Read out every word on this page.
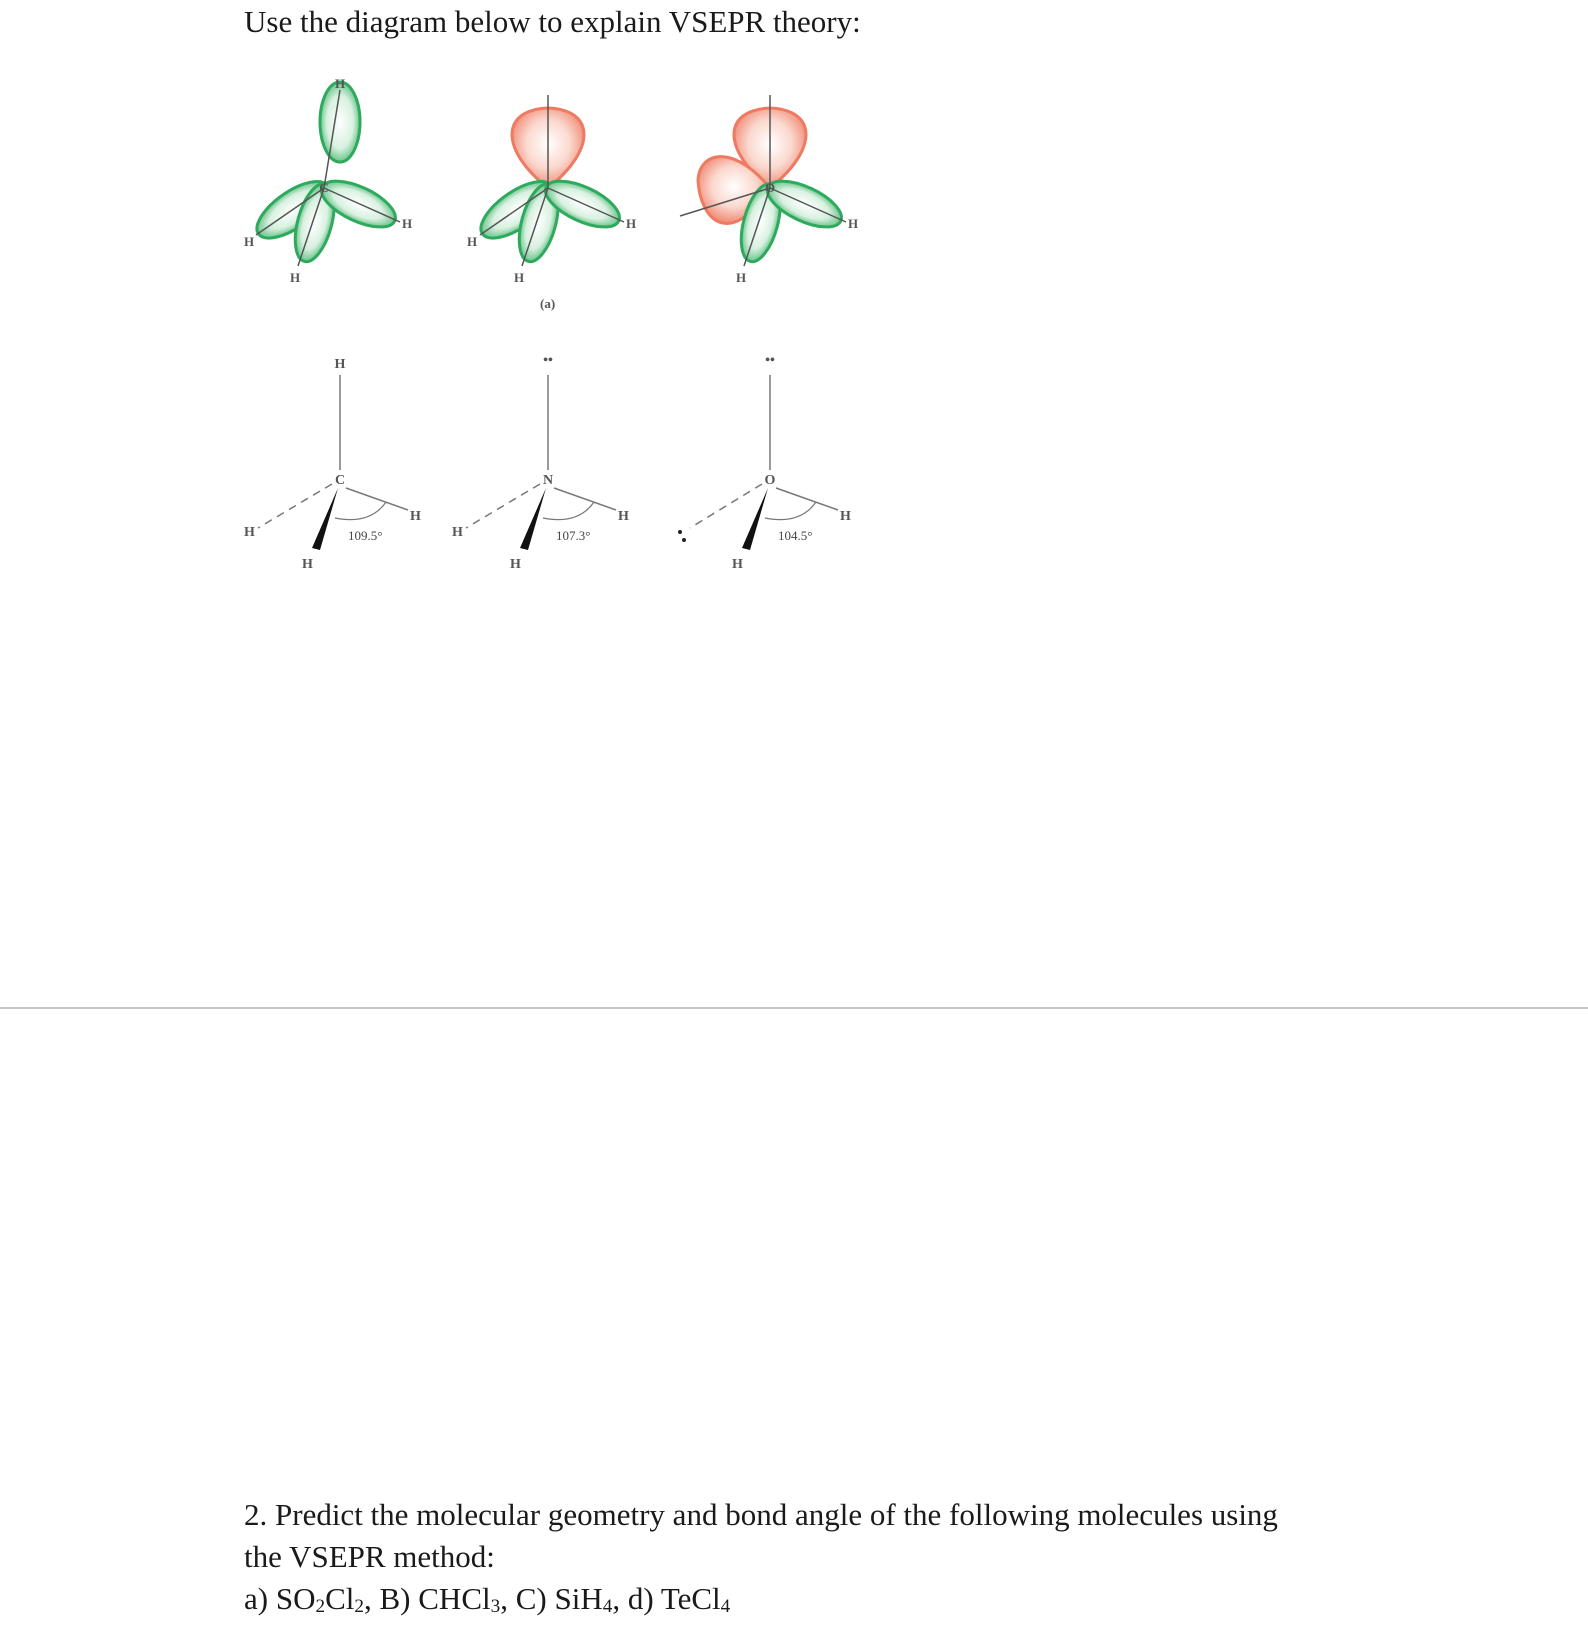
Use the diagram below to explain VSEPR theory:
H
C
H
H
H
H
H
H
(a)
O
H
H
H
C
H
H
H
109.5°
••
N
H
H
H
107.3°
••
O
H
H
104.5°

2. Predict the molecular geometry and bond angle of the following molecules using

the VSEPR method:

a) $SO_2Cl_2$, B) CHCl$_3$, C) SiH$_4$, d) TeCl$_4$
